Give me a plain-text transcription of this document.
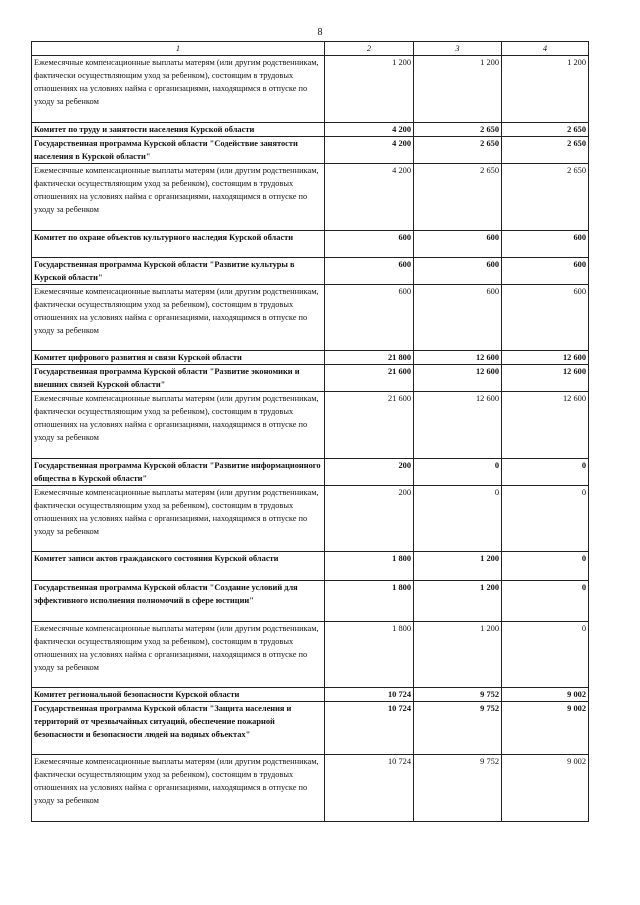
8
1	2	3	4
Ежемесячные компенсационные выплаты матерям (или другим родственникам, фактически осуществляющим уход за ребенком), состоящим в трудовых отношениях на условиях найма с организациями, находящимся в отпуске по уходу за ребенком	1 200	1 200	1 200
Комитет по труду и занятости населения Курской области	4 200	2 650	2 650
Государственная программа Курской области "Содействие занятости населения в Курской области"	4 200	2 650	2 650
Ежемесячные компенсационные выплаты матерям (или другим родственникам, фактически осуществляющим уход за ребенком), состоящим в трудовых отношениях на условиях найма с организациями, находящимся в отпуске по уходу за ребенком	4 200	2 650	2 650
Комитет по охране объектов культурного наследия Курской области	600	600	600
Государственная программа Курской области "Развитие культуры в Курской области"	600	600	600
Ежемесячные компенсационные выплаты матерям (или другим родственникам, фактически осуществляющим уход за ребенком), состоящим в трудовых отношениях на условиях найма с организациями, находящимся в отпуске по уходу за ребенком	600	600	600
Комитет цифрового развития и связи Курской области	21 800	12 600	12 600
Государственная программа Курской области "Развитие экономики и внешних связей Курской области"	21 600	12 600	12 600
Ежемесячные компенсационные выплаты матерям (или другим родственникам, фактически осуществляющим уход за ребенком), состоящим в трудовых отношениях на условиях найма с организациями, находящимся в отпуске по уходу за ребенком	21 600	12 600	12 600
Государственная программа Курской области "Развитие информационного общества в Курской области"	200	0	0
Ежемесячные компенсационные выплаты матерям (или другим родственникам, фактически осуществляющим уход за ребенком), состоящим в трудовых отношениях на условиях найма с организациями, находящимся в отпуске по уходу за ребенком	200	0	0
Комитет записи актов гражданского состояния Курской области	1 800	1 200	0
Государственная программа Курской области "Создание условий для эффективного исполнения полномочий в сфере юстиции"	1 800	1 200	0
Ежемесячные компенсационные выплаты матерям (или другим родственникам, фактически осуществляющим уход за ребенком), состоящим в трудовых отношениях на условиях найма с организациями, находящимся в отпуске по уходу за ребенком	1 800	1 200	0
Комитет региональной безопасности Курской области	10 724	9 752	9 002
Государственная программа Курской области "Защита населения и территорий от чрезвычайных ситуаций, обеспечение пожарной безопасности и безопасности людей на водных объектах"	10 724	9 752	9 002
Ежемесячные компенсационные выплаты матерям (или другим родственникам, фактически осуществляющим уход за ребенком), состоящим в трудовых отношениях на условиях найма с организациями, находящимся в отпуске по уходу за ребенком	10 724	9 752	9 002
